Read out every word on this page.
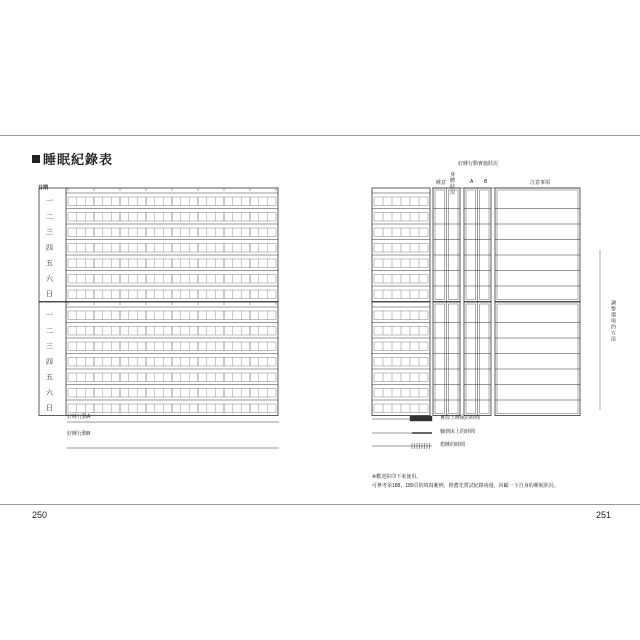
睡眠紀錄表
日期
一
二
三
四
五
六
日
一
二
三
四
五
六
日
好睡行動A
好睡行動B
好睡行動實施狀況
睡意
身體狀況
A B	注意事項
實際上睡眠的時間
躺到床上的時間
想睡的時間
※歡迎影印下來使用。
可參考第188、189頁的填寫範例，推薦先嘗試紀錄兩週，回顧一下自身的睡眠狀況。
調整環境的方法
250	251
